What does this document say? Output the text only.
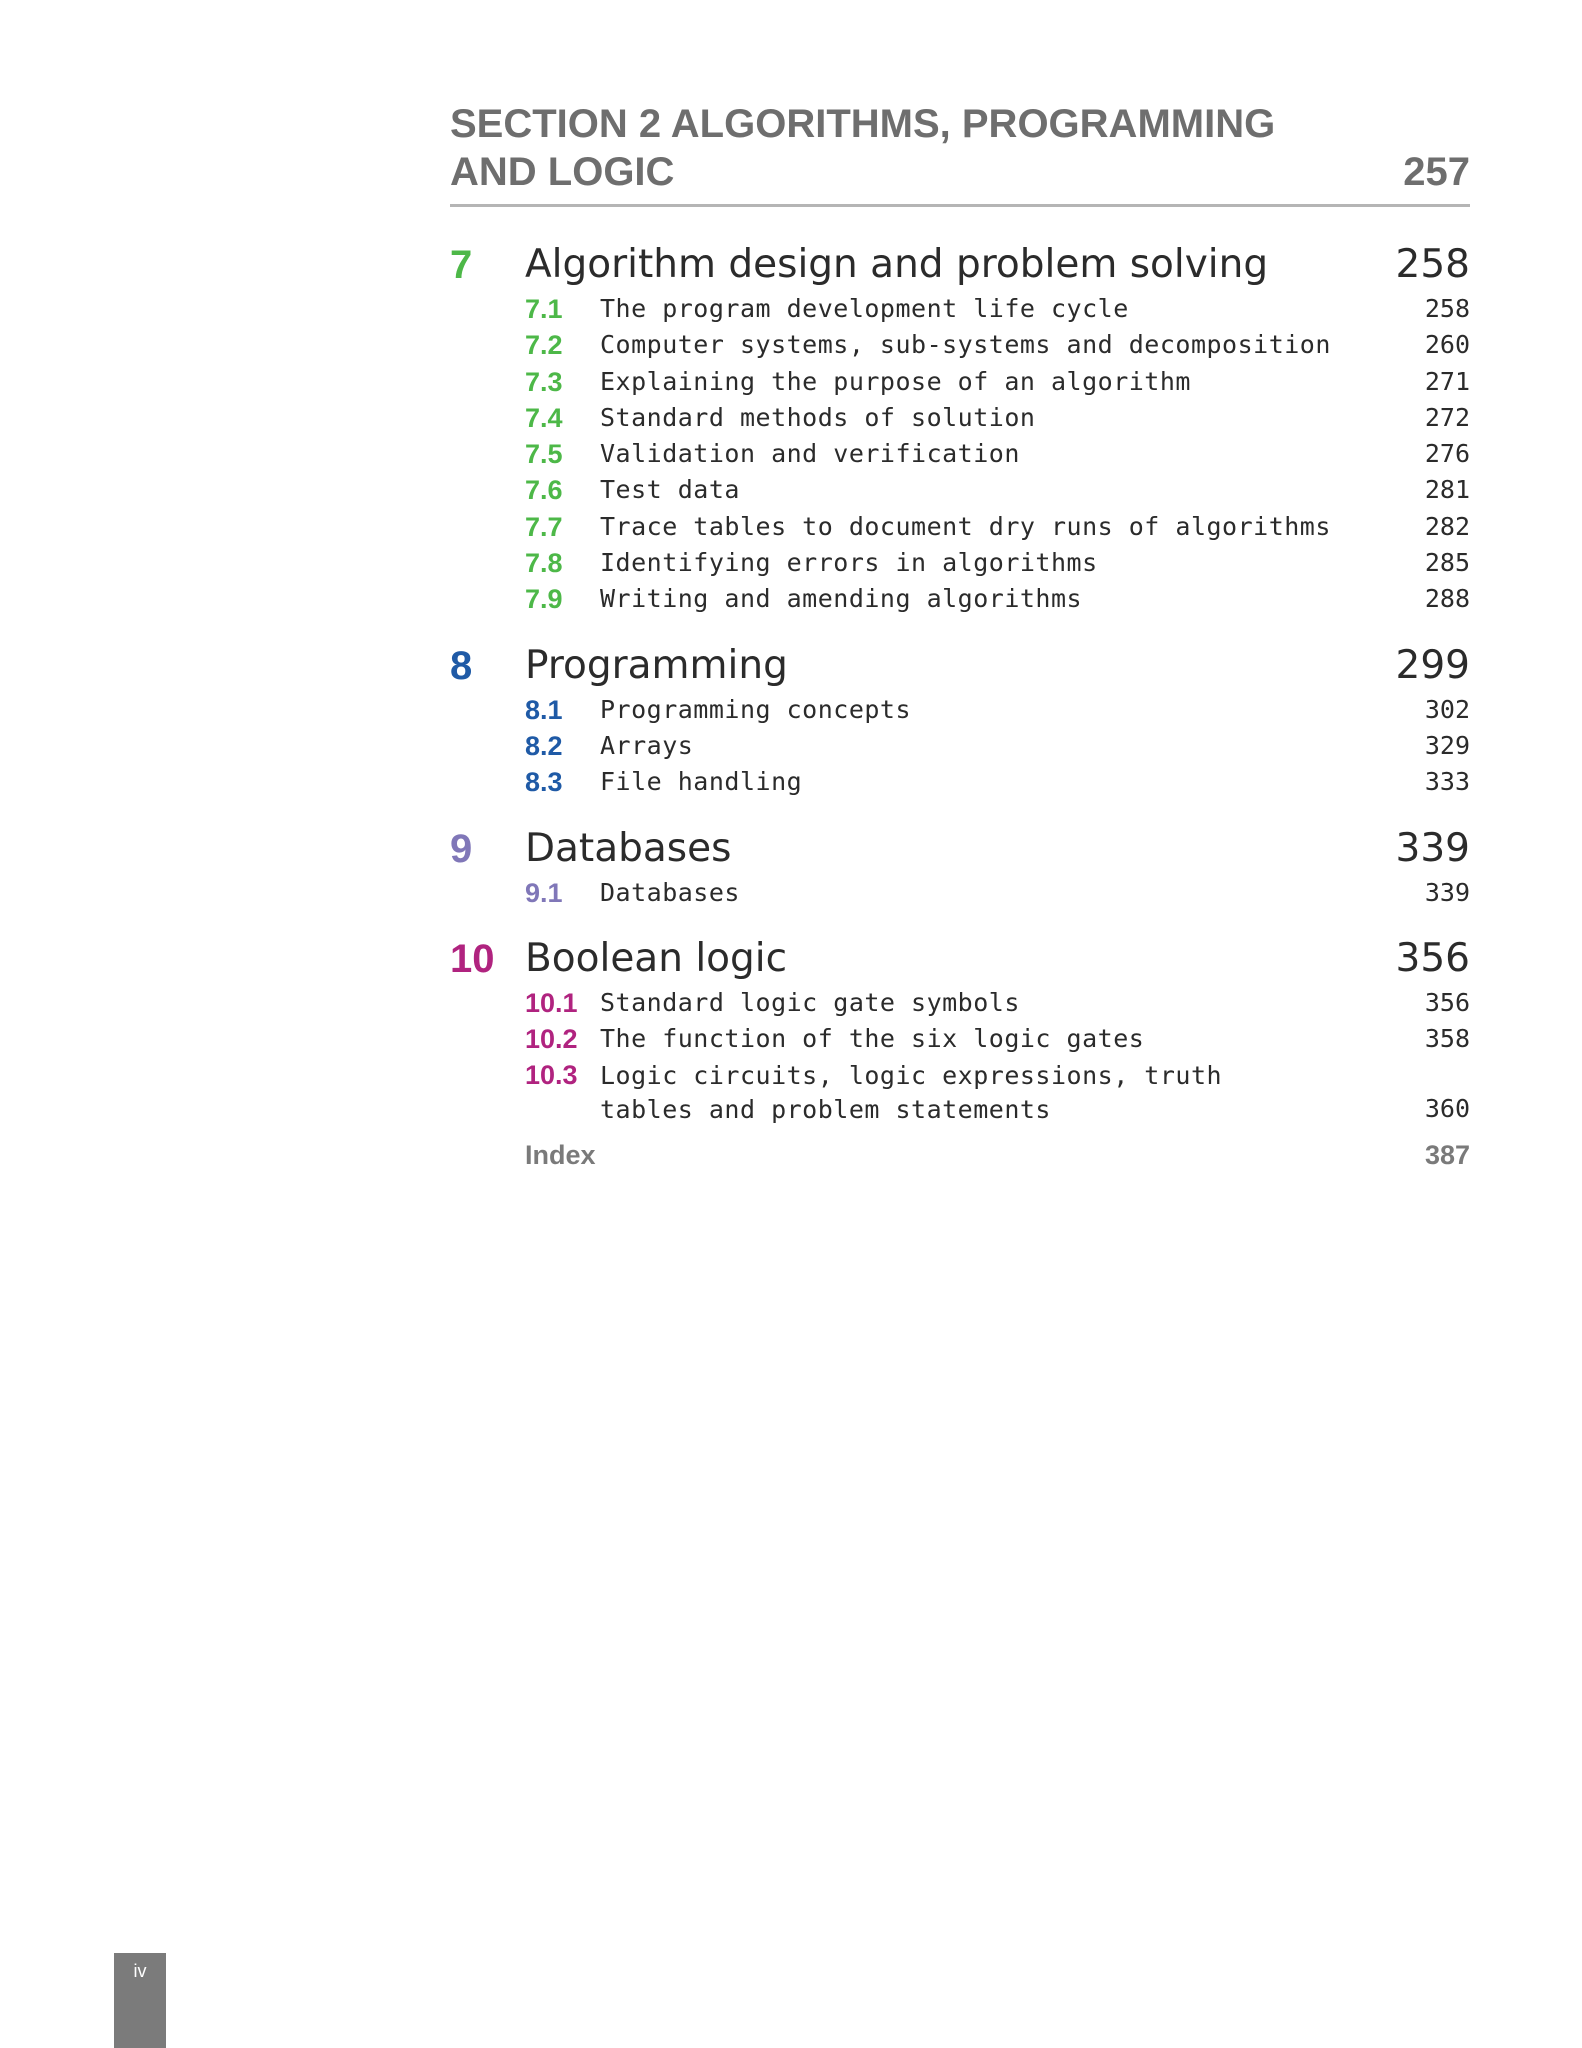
SECTION 2 ALGORITHMS, PROGRAMMING AND LOGIC	257
7 Algorithm design and problem solving	258
7.1 The program development life cycle	258
7.2 Computer systems, sub-systems and decomposition	260
7.3 Explaining the purpose of an algorithm	271
7.4 Standard methods of solution	272
7.5 Validation and verification	276
7.6 Test data	281
7.7 Trace tables to document dry runs of algorithms	282
7.8 Identifying errors in algorithms	285
7.9 Writing and amending algorithms	288
8 Programming	299
8.1 Programming concepts	302
8.2 Arrays	329
8.3 File handling	333
9 Databases	339
9.1 Databases	339
10 Boolean logic	356
10.1 Standard logic gate symbols	356
10.2 The function of the six logic gates	358
10.3 Logic circuits, logic expressions, truth tables and problem statements	360
Index	387
iv
